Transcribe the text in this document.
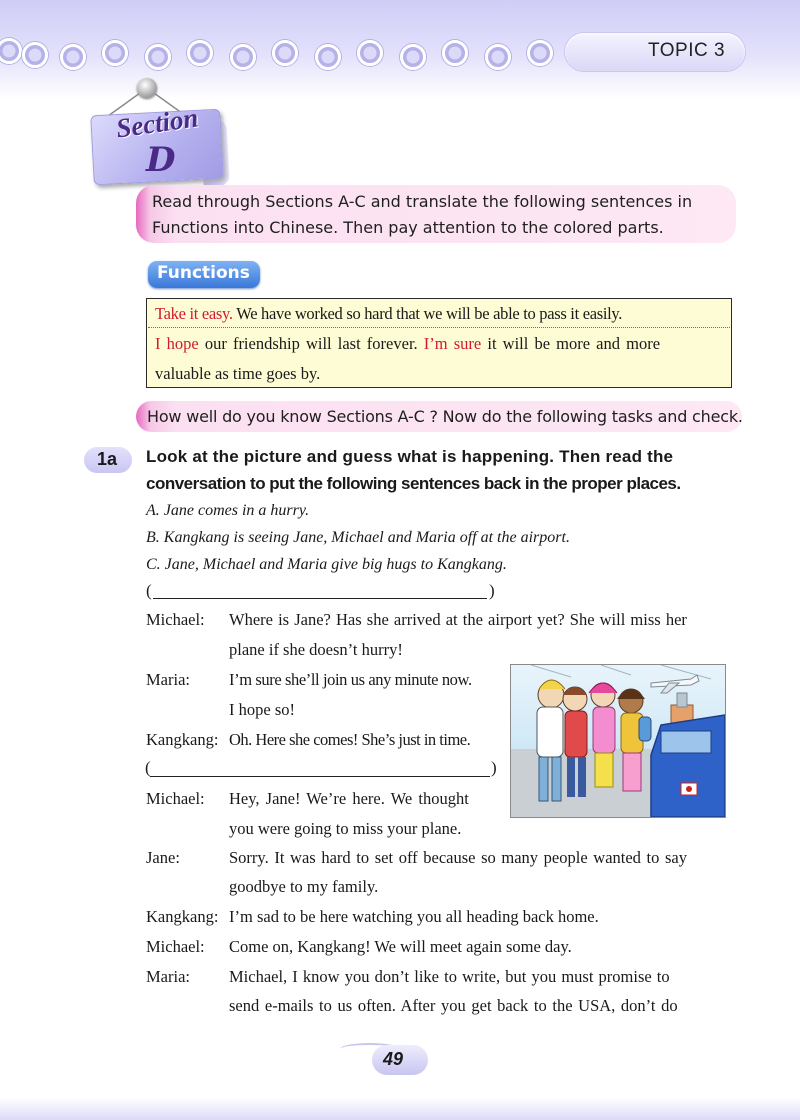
TOPIC 3
Section
D
Read through Sections A-C and translate the following sentences in
Functions into Chinese. Then pay attention to the colored parts.
Functions
Take it easy. We have worked so hard that we will be able to pass it easily.
I hope our friendship will last forever. I’m sure it will be more and more
valuable as time goes by.
How well do you know Sections A-C ? Now do the following tasks and check.
1a Look at the picture and guess what is happening. Then read the
conversation to put the following sentences back in the proper places.
A. Jane comes in a hurry.
B. Kangkang is seeing Jane, Michael and Maria off at the airport.
C. Jane, Michael and Maria give big hugs to Kangkang.
(	)
Michael: Where is Jane? Has she arrived at the airport yet? She will miss her
plane if she doesn’t hurry!
Maria: I’m sure she’ll join us any minute now.
I hope so!
Kangkang: Oh. Here she comes! She’s just in time.
(	)
Michael: Hey, Jane! We’re here. We thought
you were going to miss your plane.
Jane:	Sorry. It was hard to set off because so many people wanted to say
goodbye to my family.
Kangkang: I’m sad to be here watching you all heading back home.
Michael: Come on, Kangkang! We will meet again some day.
Maria: Michael, I know you don’t like to write, but you must promise to
send e-mails to us often. After you get back to the USA, don’t do
49
